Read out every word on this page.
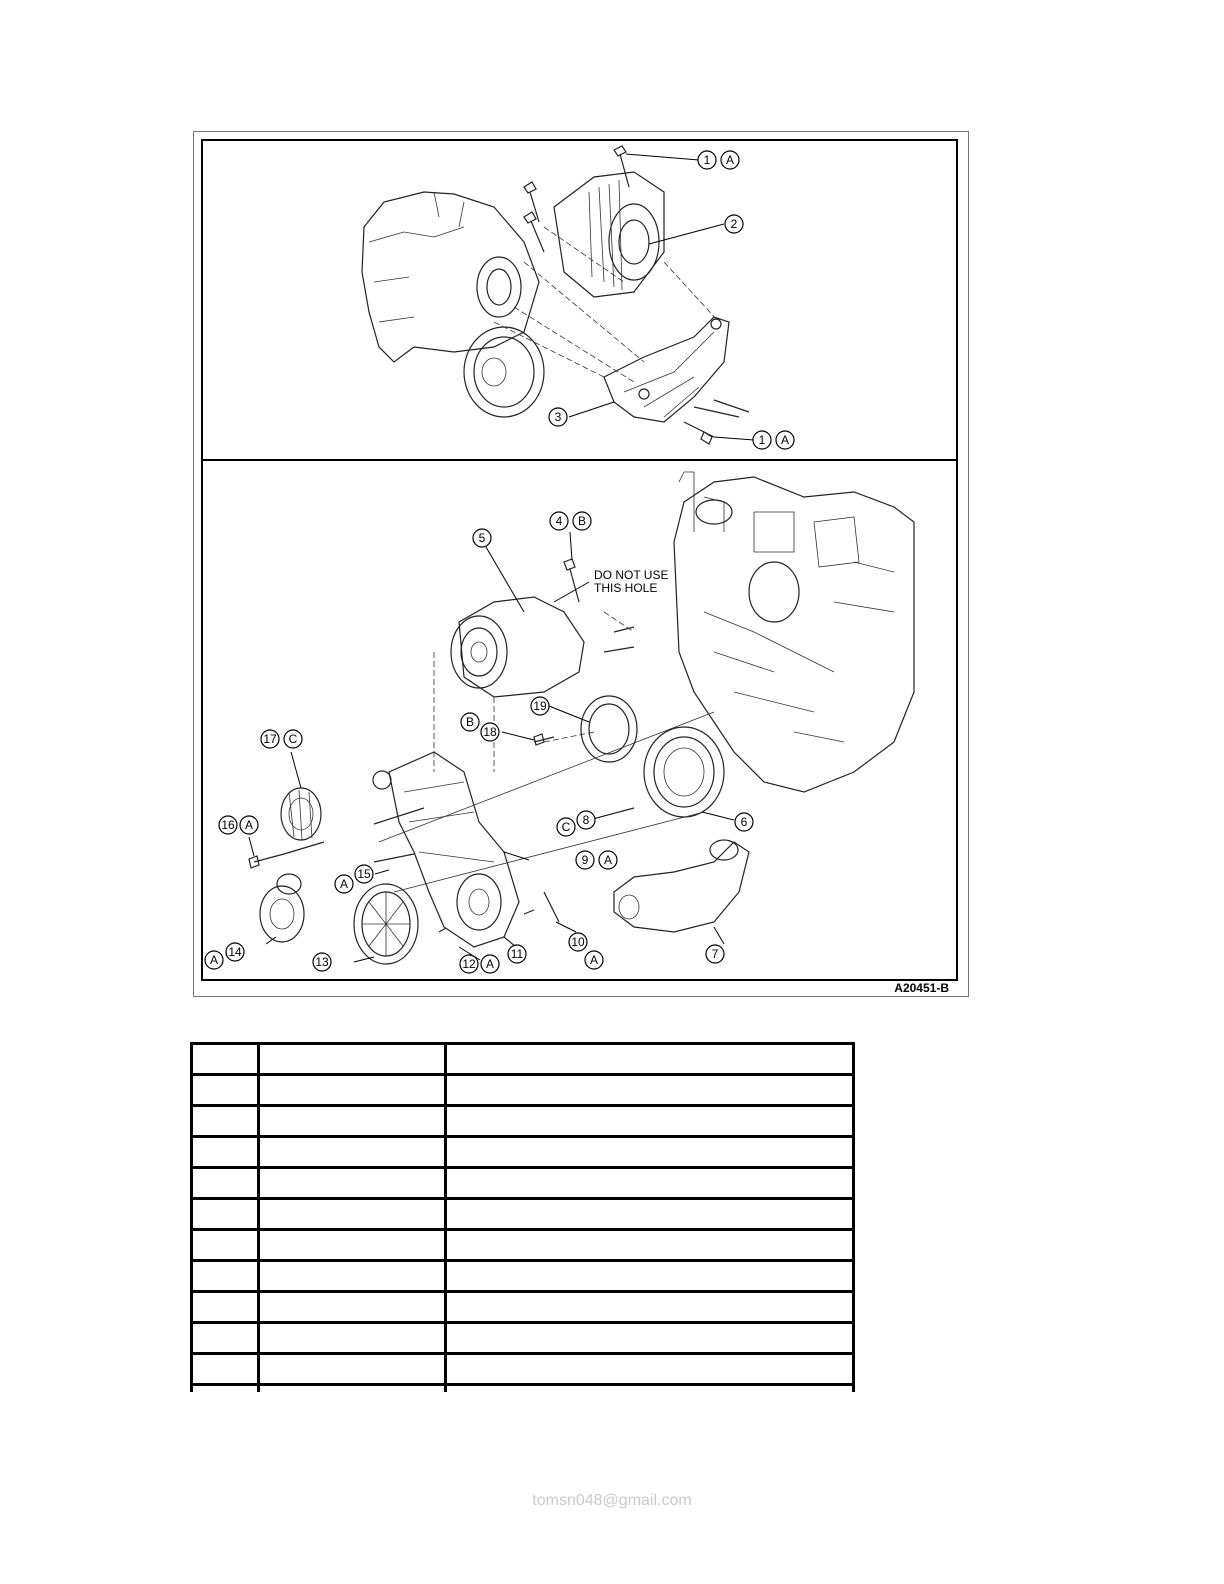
1 A
2
3
1 A
DO NOT USE
THIS HOLE
4 B
5
19
B
18
17 C
C 8	6
16 A
9 A
A
15
10
A
11	7
12 A
13
A
14
A20451-B

tomsn048@gmail.com
